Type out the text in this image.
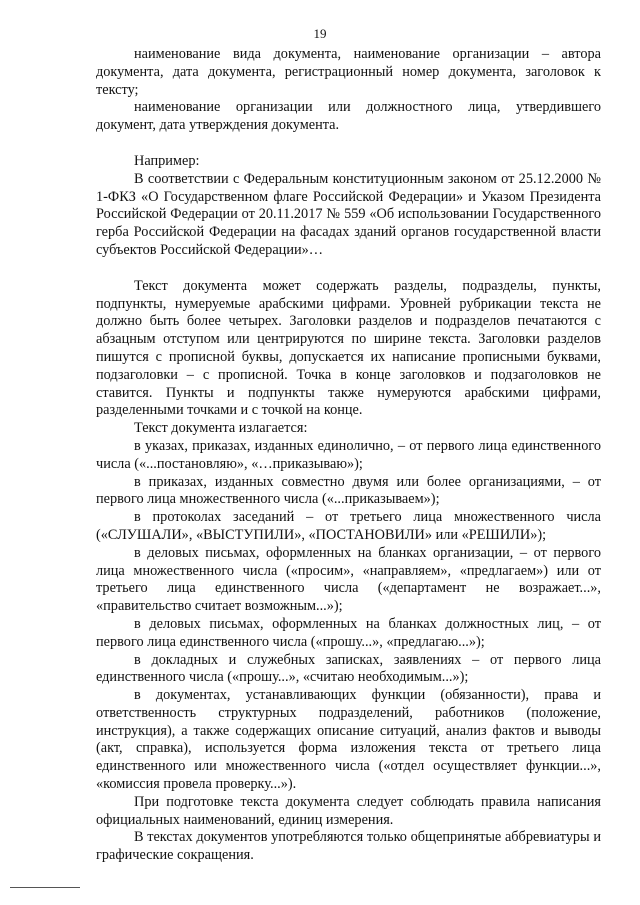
19

наименование вида документа, наименование организации – автора документа, дата документа, регистрационный номер документа, заголовок к тексту;

наименование организации или должностного лица, утвердившего документ, дата утверждения документа.

Например:

В соответствии с Федеральным конституционным законом от 25.12.2000 № 1-ФКЗ «О Государственном флаге Российской Федерации» и Указом Президента Российской Федерации от 20.11.2017 № 559 «Об использовании Государственного герба Российской Федерации на фасадах зданий органов государственной власти субъектов Российской Федерации»…

Текст документа может содержать разделы, подразделы, пункты, подпункты, нумеруемые арабскими цифрами. Уровней рубрикации текста не должно быть более четырех. Заголовки разделов и подразделов печатаются с абзацным отступом или центрируются по ширине текста. Заголовки разделов пишутся с прописной буквы, допускается их написание прописными буквами, подзаголовки – с прописной. Точка в конце заголовков и подзаголовков не ставится. Пункты и подпункты также нумеруются арабскими цифрами, разделенными точками и с точкой на конце.

Текст документа излагается:

в указах, приказах, изданных единолично, – от первого лица единственного числа («...постановляю», «…приказываю»);

в приказах, изданных совместно двумя или более организациями, – от первого лица множественного числа («...приказываем»);

в протоколах заседаний – от третьего лица множественного числа («СЛУШАЛИ», «ВЫСТУПИЛИ», «ПОСТАНОВИЛИ» или «РЕШИЛИ»);

в деловых письмах, оформленных на бланках организации, – от первого лица множественного числа («просим», «направляем», «предлагаем») или от третьего лица единственного числа («департамент не возражает...», «правительство считает возможным...»);

в деловых письмах, оформленных на бланках должностных лиц, – от первого лица единственного числа («прошу...», «предлагаю...»);

в докладных и служебных записках, заявлениях – от первого лица единственного числа («прошу...», «считаю необходимым...»);

в документах, устанавливающих функции (обязанности), права и ответственность структурных подразделений, работников (положение, инструкция), а также содержащих описание ситуаций, анализ фактов и выводы (акт, справка), используется форма изложения текста от третьего лица единственного или множественного числа («отдел осуществляет функции...», «комиссия провела проверку...»).

При подготовке текста документа следует соблюдать правила написания официальных наименований, единиц измерения.

В текстах документов употребляются только общепринятые аббревиатуры и графические сокращения.
